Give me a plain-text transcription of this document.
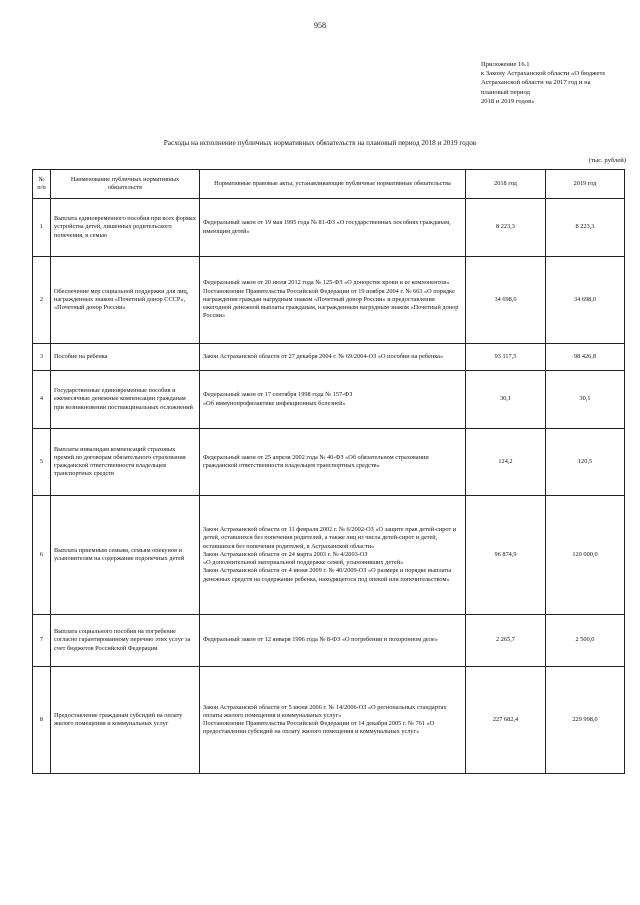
958
Приложение 16.1
к Закону Астраханской области «О бюджете
Астраханской области на 2017 год и на
плановый период
2018 и 2019 годов»
Расходы на исполнение публичных нормативных обязательств на плановый период 2018 и 2019 годов
(тыс. рублей)
№ п/п	Наименование публичных нормативных обязательств	Нормативные правовые акты, устанавливающие публичные нормативные обязательства	2018 год	2019 год
1	Выплата единовременного пособия при всех формах устройства детей, лишенных родительского попечения, в семью	Федеральный закон от 19 мая 1995 года № 81-ФЗ «О государственных пособиях гражданам, имеющим детей»	8 223,3	8 223,3
2	Обеспечение мер социальной поддержки для лиц, награжденных знаком «Почетный донор СССР», «Почетный донор России»	Федеральный закон от 20 июля 2012 года № 125-ФЗ «О донорстве крови и ее компонентов»
Постановление Правительства Российской Федерации от 19 ноября 2004 г. № 663 «О порядке награждения граждан нагрудным знаком «Почетный донор России» и предоставления ежегодной денежной выплаты гражданам, награжденным нагрудным знаком «Почетный донор России»	34 698,0	34 698,0
3	Пособие на ребенка	Закон Астраханской области от 27 декабря 2004 г. № 69/2004-ОЗ «О пособии на ребенка»	93 117,5	98 426,8
4	Государственные единовременные пособия и ежемесячные денежные компенсации гражданам при возникновении поствакцинальных осложнений	Федеральный закон от 17 сентября 1998 года № 157-ФЗ
«Об иммунопрофилактике инфекционных болезней»	30,1	30,1
5	Выплаты инвалидам компенсаций страховых премий по договорам обязательного страхования гражданской ответственности владельцев транспортных средств	Федеральный закон от 25 апреля 2002 года № 40-ФЗ «Об обязательном страховании гражданской ответственности владельцев транспортных средств»	124,2	120,5
6	Выплата приемным семьям, семьям опекунов и усыновителям на содержание подопечных детей	Закон Астраханской области от 11 февраля 2002 г. № 6/2002-ОЗ «О защите прав детей-сирот и детей, оставшихся без попечения родителей, а также лиц из числа детей-сирот и детей, оставшихся без попечения родителей, в Астраханской области»
Закон Астраханской области от 24 марта 2003 г. № 4/2003-ОЗ
«О дополнительной материальной поддержке семей, усыновивших детей»
Закон Астраханской области от 4 июня 2009 г. № 40/2009-ОЗ «О размере и порядке выплаты денежных средств на содержание ребенка, находящегося под опекой или попечительством»	96 874,9	120 000,0
7	Выплата социального пособия на погребение согласно гарантированному перечню этих услуг за счет бюджетов Российской Федерации	Федеральный закон от 12 января 1996 года № 8-ФЗ «О погребении и похоронном деле»	2 265,7	2 500,0
8	Предоставление гражданам субсидий на оплату жилого помещения и коммунальных услуг	Закон Астраханской области от 5 июня 2006 г. № 14/2006-ОЗ «О региональных стандартах оплаты жилого помещения и коммунальных услуг»
Постановление Правительства Российской Федерации от 14 декабря 2005 г. № 761 «О предоставлении субсидий на оплату жилого помещения и коммунальных услуг»	227 682,4	229 998,0
